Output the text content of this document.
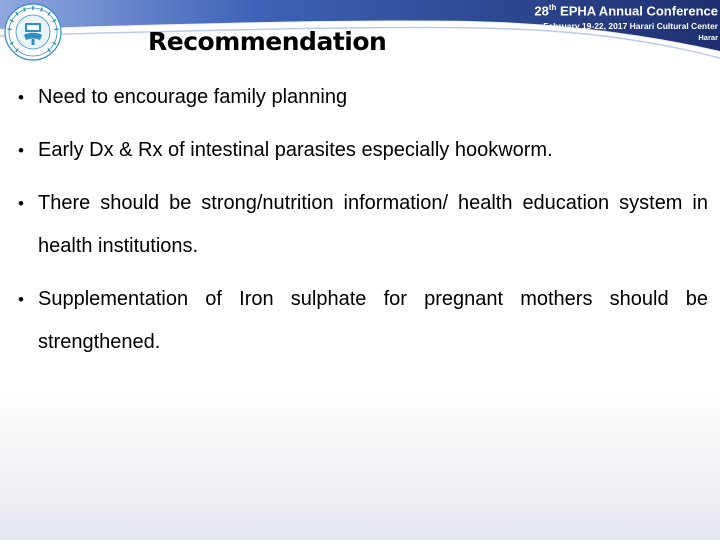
28th EPHA Annual Conference
February 19-22, 2017 Harari Cultural Center
Harar
Recommendation
• Need to encourage family planning
• Early Dx & Rx of intestinal parasites especially hookworm.
• There should be strong/nutrition information/ health education system in health institutions.
• Supplementation of Iron sulphate for pregnant mothers should be strengthened.
